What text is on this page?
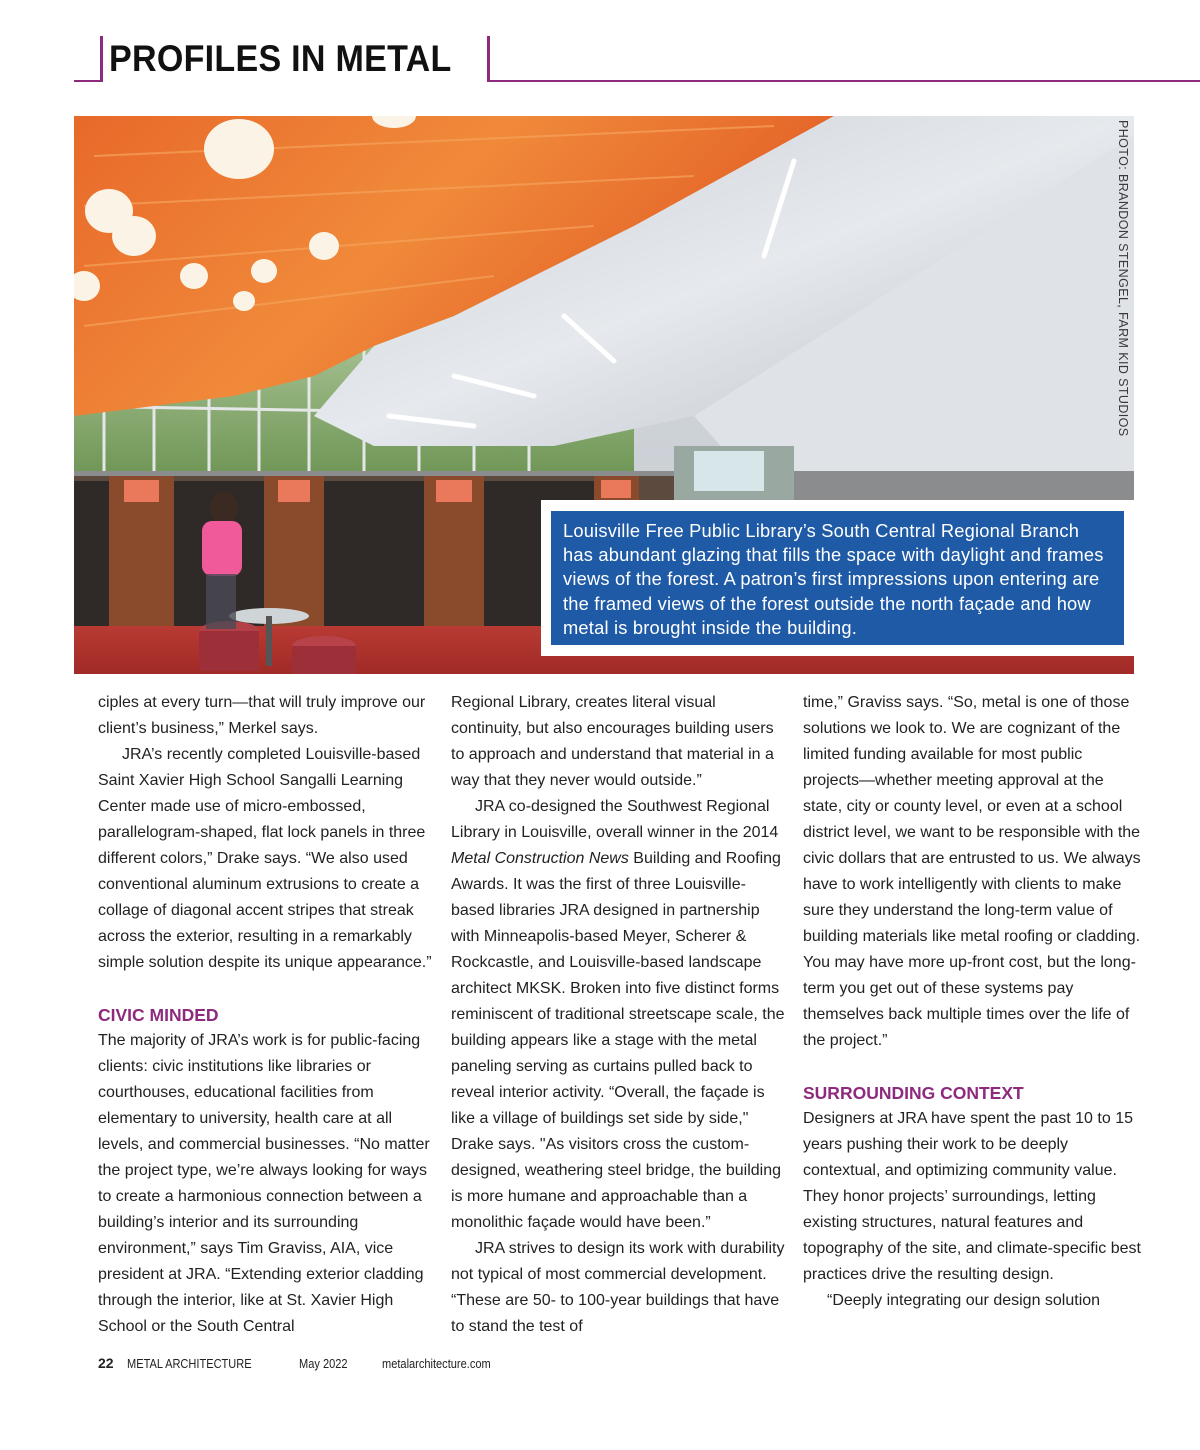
PROFILES IN METAL
PHOTO: BRANDON STENGEL, FARM KID STUDIOS

Louisville Free Public Library’s South Central Regional Branch has abundant glazing that fills the space with daylight and frames views of the forest. A patron’s first impressions upon entering are the framed views of the forest outside the north façade and how metal is brought inside the building.

ciples at every turn—that will truly improve our client’s business,” Merkel says.

JRA’s recently completed Louisville-based Saint Xavier High School Sangalli Learning Center made use of micro-embossed, parallelogram-shaped, flat lock panels in three different colors,” Drake says. “We also used conventional aluminum extrusions to create a collage of diagonal accent stripes that streak across the exterior, resulting in a remarkably simple solution despite its unique appearance.”

CIVIC MINDED

The majority of JRA’s work is for public-facing clients: civic institutions like libraries or courthouses, educational facilities from elementary to university, health care at all levels, and commercial businesses. “No matter the project type, we’re always looking for ways to create a harmonious connection between a building’s interior and its surrounding environment,” says Tim Graviss, AIA, vice president at JRA. “Extending exterior cladding through the interior, like at St. Xavier High School or the South Central

Regional Library, creates literal visual continuity, but also encourages building users to approach and understand that material in a way that they never would outside.”

JRA co-designed the Southwest Regional Library in Louisville, overall winner in the 2014 Metal Construction News Building and Roofing Awards. It was the first of three Louisville-based libraries JRA designed in partnership with Minneapolis-based Meyer, Scherer & Rockcastle, and Louisville-based landscape architect MKSK. Broken into five distinct forms reminiscent of traditional streetscape scale, the building appears like a stage with the metal paneling serving as curtains pulled back to reveal interior activity. “Overall, the façade is like a village of buildings set side by side," Drake says. "As visitors cross the custom-designed, weathering steel bridge, the building is more humane and approachable than a monolithic façade would have been.”

JRA strives to design its work with durability not typical of most commercial development. “These are 50- to 100-year buildings that have to stand the test of

time,” Graviss says. “So, metal is one of those solutions we look to. We are cognizant of the limited funding available for most public projects—whether meeting approval at the state, city or county level, or even at a school district level, we want to be responsible with the civic dollars that are entrusted to us. We always have to work intelligently with clients to make sure they understand the long-term value of building materials like metal roofing or cladding. You may have more up-front cost, but the long-term you get out of these systems pay themselves back multiple times over the life of the project.”

SURROUNDING CONTEXT

Designers at JRA have spent the past 10 to 15 years pushing their work to be deeply contextual, and optimizing community value. They honor projects’ surroundings, letting existing structures, natural features and topography of the site, and climate-specific best practices drive the resulting design.

“Deeply integrating our design solution

22 METAL ARCHITECTURE	May 2022	metalarchitecture.com
